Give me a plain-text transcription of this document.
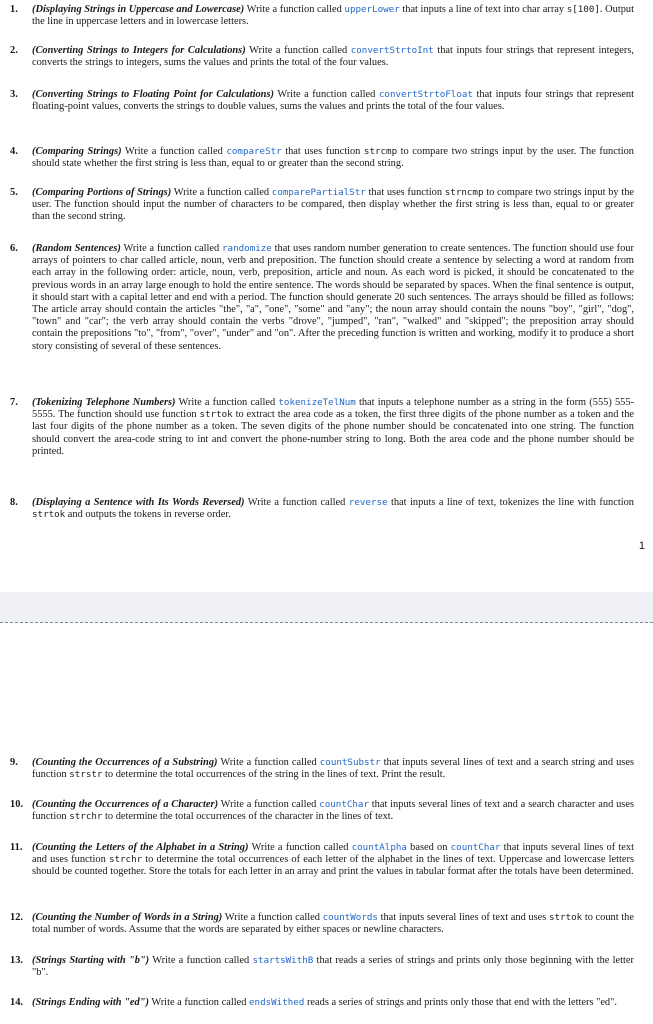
1
1. (Displaying Strings in Uppercase and Lowercase) Write a function called upperLower that inputs a line of text into char array s[100]. Output the line in uppercase letters and in lowercase letters.
2. (Converting Strings to Integers for Calculations) Write a function called convertStrtoInt that inputs four strings that represent integers, converts the strings to integers, sums the values and prints the total of the four values.
3. (Converting Strings to Floating Point for Calculations) Write a function called convertStrtoFloat that inputs four strings that represent floating-point values, converts the strings to double values, sums the values and prints the total of the four values.
4. (Comparing Strings) Write a function called compareStr that uses function strcmp to compare two strings input by the user. The function should state whether the first string is less than, equal to or greater than the second string.
5. (Comparing Portions of Strings) Write a function called comparePartialStr that uses function strncmp to compare two strings input by the user. The function should input the number of characters to be compared, then display whether the first string is less than, equal to or greater than the second string.
6. (Random Sentences) Write a function called randomize that uses random number generation to create sentences. The function should use four arrays of pointers to char called article, noun, verb and preposition. The function should create a sentence by selecting a word at random from each array in the following order: article, noun, verb, preposition, article and noun. As each word is picked, it should be concatenated to the previous words in an array large enough to hold the entire sentence. The words should be separated by spaces. When the final sentence is output, it should start with a capital letter and end with a period. The function should generate 20 such sentences. The arrays should be filled as follows: The article array should contain the articles "the", "a", "one", "some" and "any"; the noun array should contain the nouns "boy", "girl", "dog", "town" and "car"; the verb array should contain the verbs "drove", "jumped", "ran", "walked" and "skipped"; the preposition array should contain the prepositions "to", "from", "over", "under" and "on". After the preceding function is written and working, modify it to produce a short story consisting of several of these sentences.
7. (Tokenizing Telephone Numbers) Write a function called tokenizeTelNum that inputs a telephone number as a string in the form (555) 555-5555. The function should use function strtok to extract the area code as a token, the first three digits of the phone number as a token and the last four digits of the phone number as a token. The seven digits of the phone number should be concatenated into one string. The function should convert the area-code string to int and convert the phone-number string to long. Both the area code and the phone number should be printed.
8. (Displaying a Sentence with Its Words Reversed) Write a function called reverse that inputs a line of text, tokenizes the line with function strtok and outputs the tokens in reverse order.
9. (Counting the Occurrences of a Substring) Write a function called countSubstr that inputs several lines of text and a search string and uses function strstr to determine the total occurrences of the string in the lines of text. Print the result.
10. (Counting the Occurrences of a Character) Write a function called countChar that inputs several lines of text and a search character and uses function strchr to determine the total occurrences of the character in the lines of text.
11. (Counting the Letters of the Alphabet in a String) Write a function called countAlpha based on countChar that inputs several lines of text and uses function strchr to determine the total occurrences of each letter of the alphabet in the lines of text. Uppercase and lowercase letters should be counted together. Store the totals for each letter in an array and print the values in tabular format after the totals have been determined.
12. (Counting the Number of Words in a String) Write a function called countWords that inputs several lines of text and uses strtok to count the total number of words. Assume that the words are separated by either spaces or newline characters.
13. (Strings Starting with "b") Write a function called startsWithB that reads a series of strings and prints only those beginning with the letter "b".
14. (Strings Ending with "ed") Write a function called endsWithed reads a series of strings and prints only those that end with the letters "ed".
